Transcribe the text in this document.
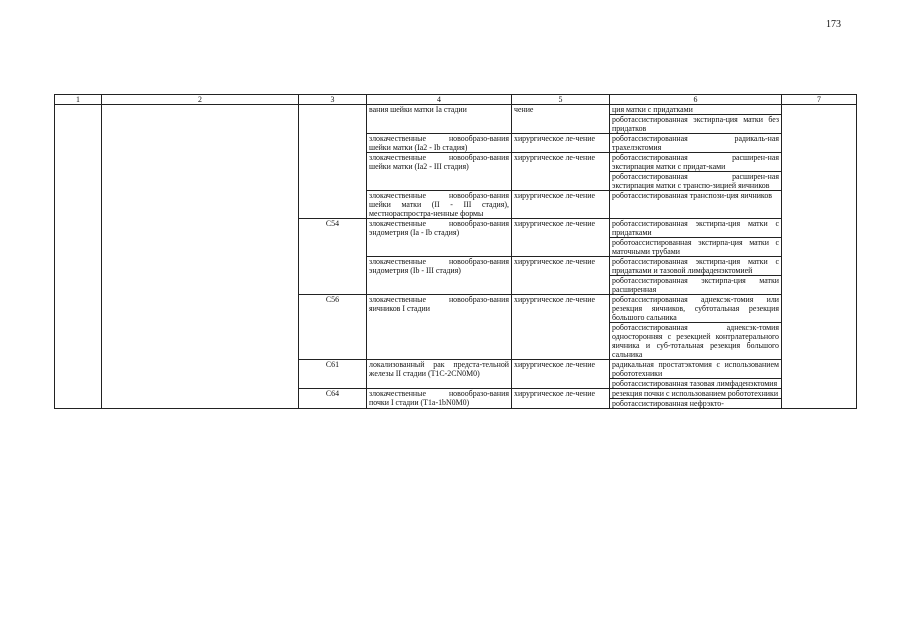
173
1	2	3	4	5	6	7
			вания шейки матки Ia стадии	чение	ция матки с придатками	
					роботассистированная экстирпа-ция матки без придатков	
			злокачественные новообразо-вания шейки матки (Ia2 - Ib стадия)	хирургическое ле-чение	роботассистированная радикаль-ная трахелэктомия	
			злокачественные новообразо-вания шейки матки (Ia2 - III стадия)	хирургическое ле-чение	роботассистированная расширен-ная экстирпация матки с придат-ками	
					роботассистированная расширен-ная экстирпация матки с транспо-зицией яичников	
			злокачественные новообразо-вания шейки матки (II - III стадия), местнораспростра-ненные формы	хирургическое ле-чение	роботассистированная транспози-ция яичников	
		C54	злокачественные новообразо-вания эндометрия (Ia - Ib стадия)	хирургическое ле-чение	роботассистированная экстирпа-ция матки с придатками	
					роботоассистированная экстирпа-ция матки с маточными трубами	
			злокачественные новообразо-вания эндометрия (Ib - III стадия)	хирургическое ле-чение	роботассистированная экстирпа-ция матки с придатками и тазовой лимфаденэктомией	
					роботассистированная экстирпа-ция матки расширенная	
		C56	злокачественные новообразо-вания яичников I стадии	хирургическое ле-чение	роботассистированная аднексэк-томия или резекция яичников, субтотальная резекция большого сальника	
					роботассистированная аднексэк-томия односторонняя с резекцией контрлатерального яичника и суб-тотальная резекция большого сальника	
		C61	локализованный рак предста-тельной железы II стадии (T1C-2CN0M0)	хирургическое ле-чение	радикальная простатэктомия с использованием робототехники	
					роботассистированная тазовая лимфаденэктомия	
		C64	злокачественные новообразо-вания почки I стадии (T1a-1bN0M0)	хирургическое ле-чение	резекция почки с использованием робототехники	
					роботассистированная нефрэкто-	
